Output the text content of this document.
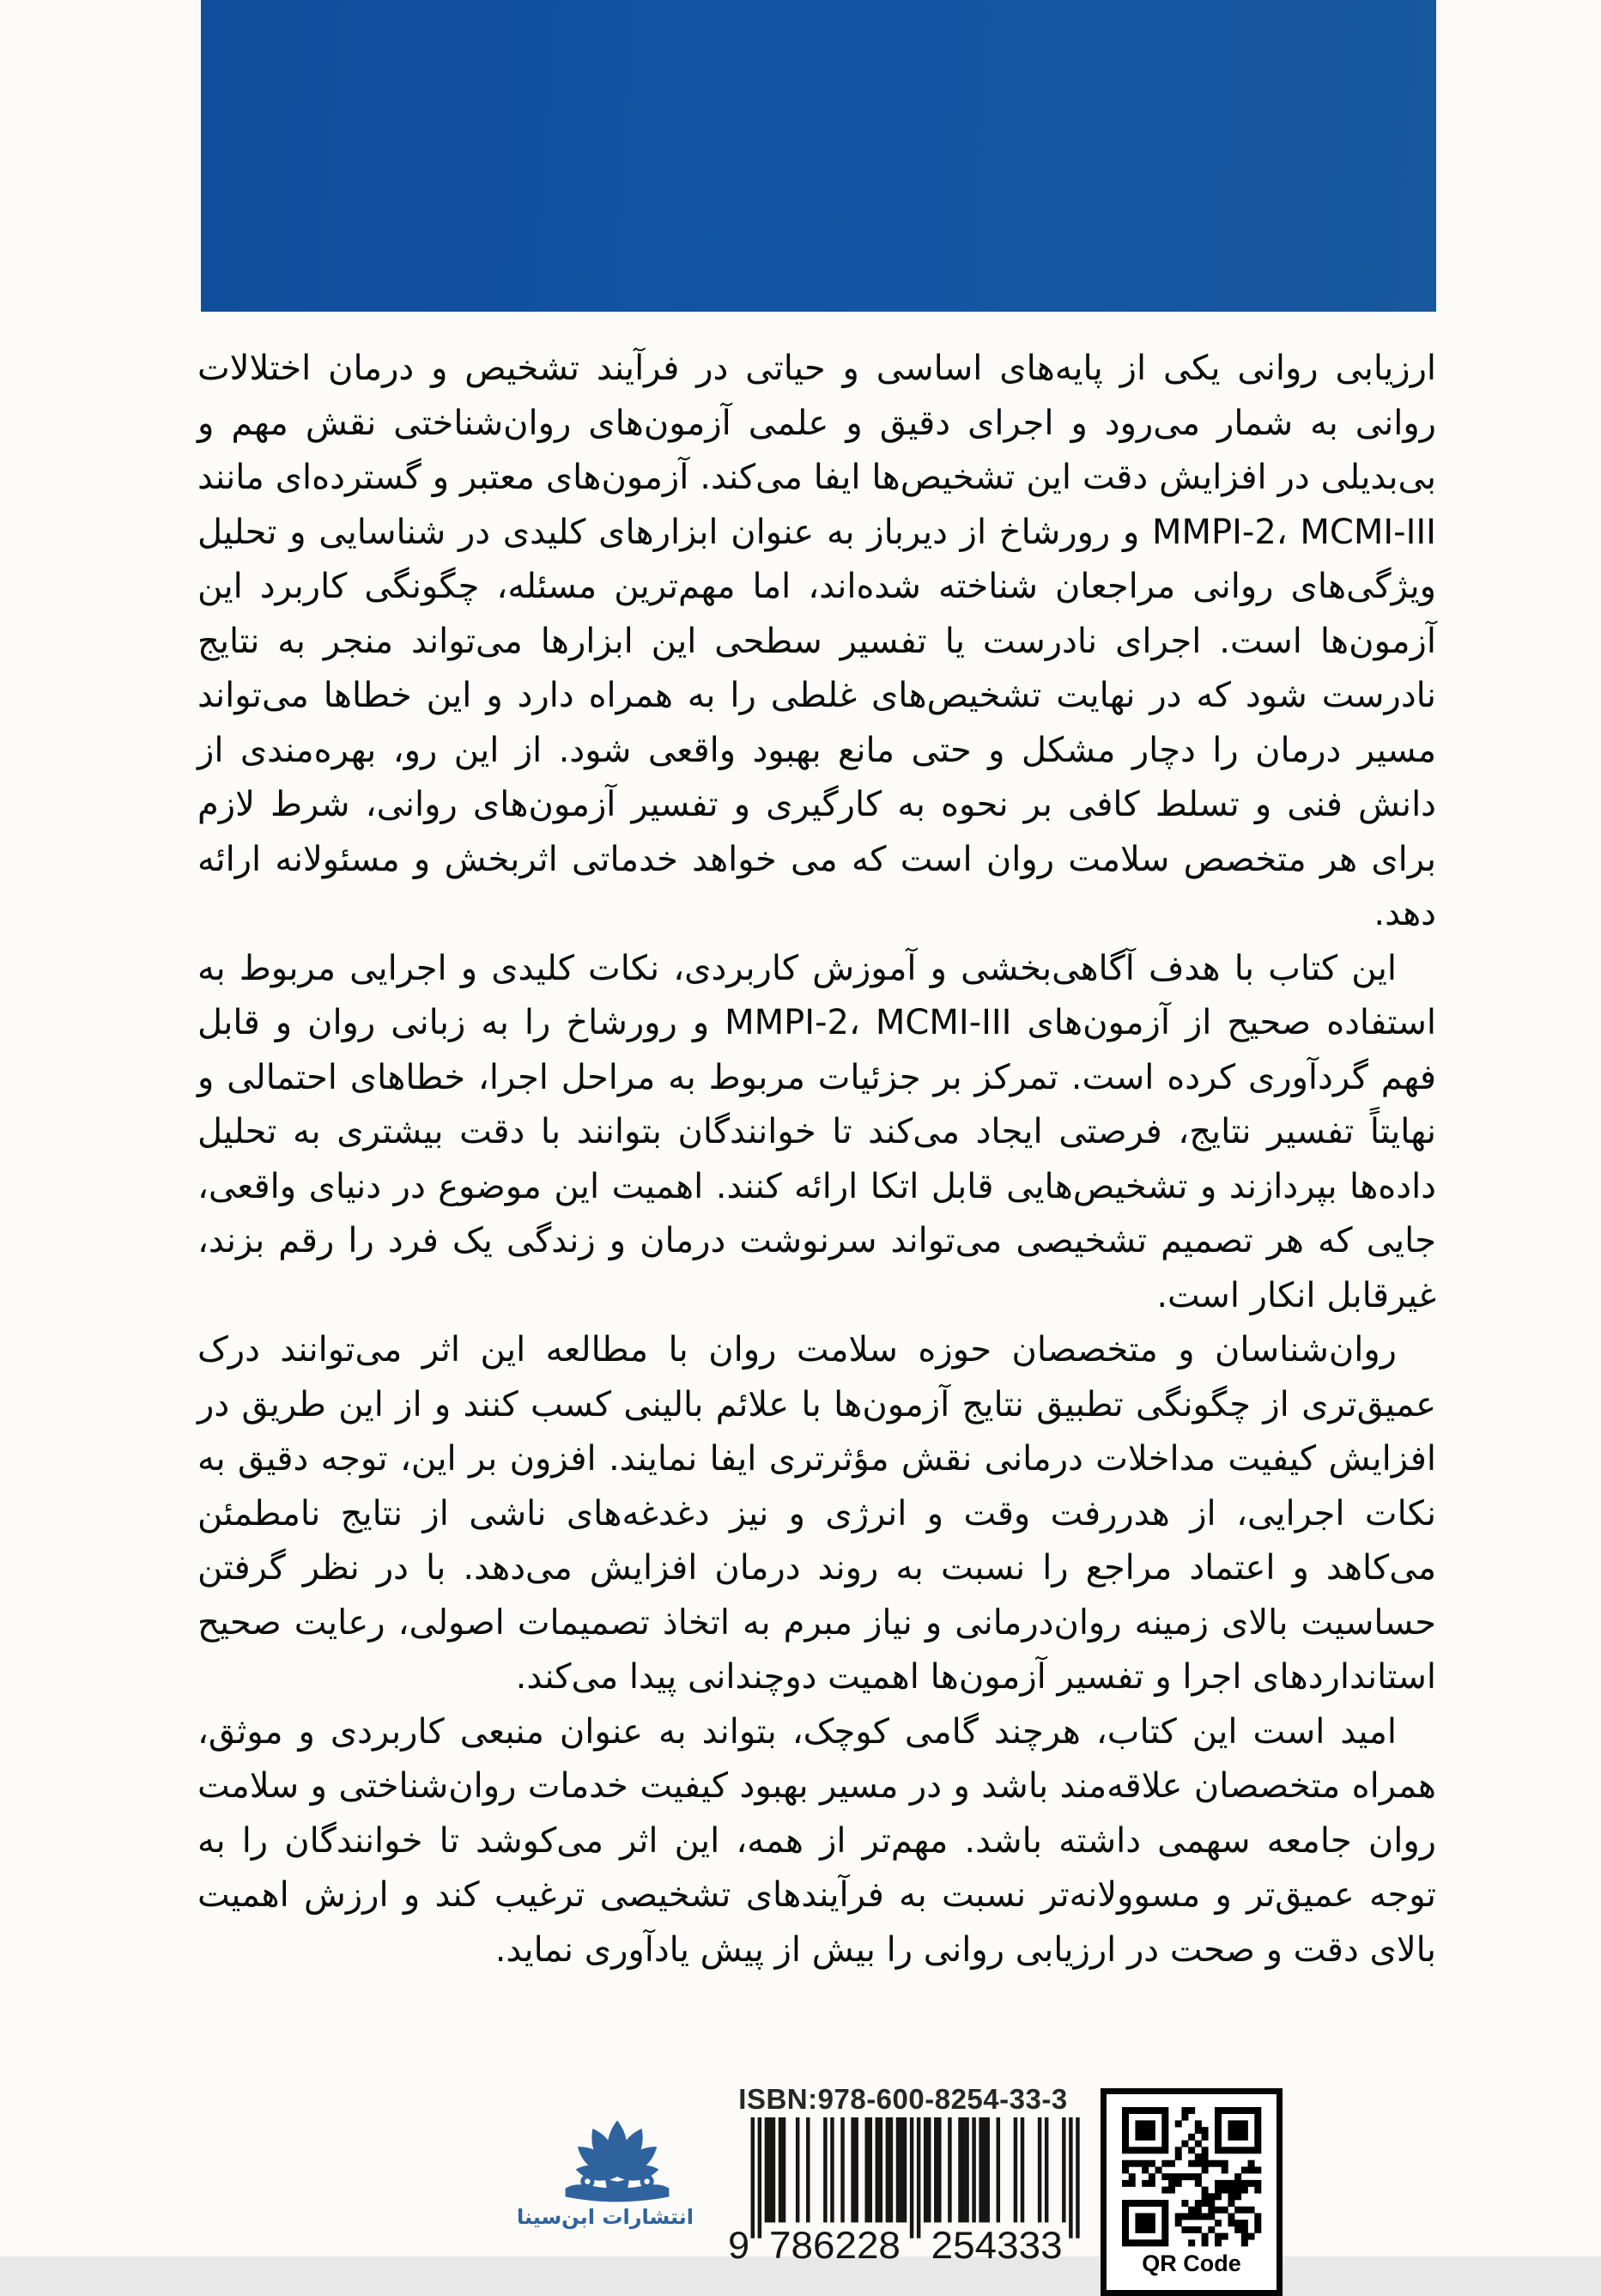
ارزیابی روانی یکی از پایه‌های اساسی و حیاتی در فرآیند تشخیص و درمان اختلالات روانی به شمار می‌رود و اجرای دقیق و علمی آزمون‌های روان‌شناختی نقش مهم و بی‌بدیلی در افزایش دقت این تشخیص‌ها ایفا می‌کند. آزمون‌های معتبر و گسترده‌ای مانند MMPI-2، MCMI-III و رورشاخ از دیرباز به عنوان ابزارهای کلیدی در شناسایی و تحلیل ویژگی‌های روانی مراجعان شناخته شده‌اند، اما مهم‌ترین مسئله، چگونگی کاربرد این آزمون‌ها است. اجرای نادرست یا تفسیر سطحی این ابزارها می‌تواند منجر به نتایج نادرست شود که در نهایت تشخیص‌های غلطی را به همراه دارد و این خطاها می‌تواند مسیر درمان را دچار مشکل و حتی مانع بهبود واقعی شود. از این رو، بهره‌مندی از دانش فنی و تسلط کافی بر نحوه به کارگیری و تفسیر آزمون‌های روانی، شرط لازم برای هر متخصص سلامت روان است که می خواهد خدماتی اثربخش و مسئولانه ارائه دهد.

این کتاب با هدف آگاهی‌بخشی و آموزش کاربردی، نکات کلیدی و اجرایی مربوط به استفاده صحیح از آزمون‌های MMPI-2، MCMI-III و رورشاخ را به زبانی روان و قابل فهم گردآوری کرده است. تمرکز بر جزئیات مربوط به مراحل اجرا، خطاهای احتمالی و نهایتاً تفسیر نتایج، فرصتی ایجاد می‌کند تا خوانندگان بتوانند با دقت بیشتری به تحلیل داده‌ها بپردازند و تشخیص‌هایی قابل اتکا ارائه کنند. اهمیت این موضوع در دنیای واقعی، جایی که هر تصمیم تشخیصی می‌تواند سرنوشت درمان و زندگی یک فرد را رقم بزند، غیرقابل انکار است.

روان‌شناسان و متخصصان حوزه سلامت روان با مطالعه این اثر می‌توانند درک عمیق‌تری از چگونگی تطبیق نتایج آزمون‌ها با علائم بالینی کسب کنند و از این طریق در افزایش کیفیت مداخلات درمانی نقش مؤثرتری ایفا نمایند. افزون بر این، توجه دقیق به نکات اجرایی، از هدررفت وقت و انرژی و نیز دغدغه‌های ناشی از نتایج نامطمئن می‌کاهد و اعتماد مراجع را نسبت به روند درمان افزایش می‌دهد. با در نظر گرفتن حساسیت بالای زمینه روان‌درمانی و نیاز مبرم به اتخاذ تصمیمات اصولی، رعایت صحیح استانداردهای اجرا و تفسیر آزمون‌ها اهمیت دوچندانی پیدا می‌کند.

امید است این کتاب، هرچند گامی کوچک، بتواند به عنوان منبعی کاربردی و موثق، همراه متخصصان علاقه‌مند باشد و در مسیر بهبود کیفیت خدمات روان‌شناختی و سلامت روان جامعه سهمی داشته باشد. مهم‌تر از همه، این اثر می‌کوشد تا خوانندگان را به توجه عمیق‌تر و مسوولانه‌تر نسبت به فرآیندهای تشخیصی ترغیب کند و ارزش اهمیت بالای دقت و صحت در ارزیابی روانی را بیش از پیش یادآوری نماید.

انتشارات ابن‌سینا
ISBN:978-600-8254-33-3
9 786228 254333	QR Code
